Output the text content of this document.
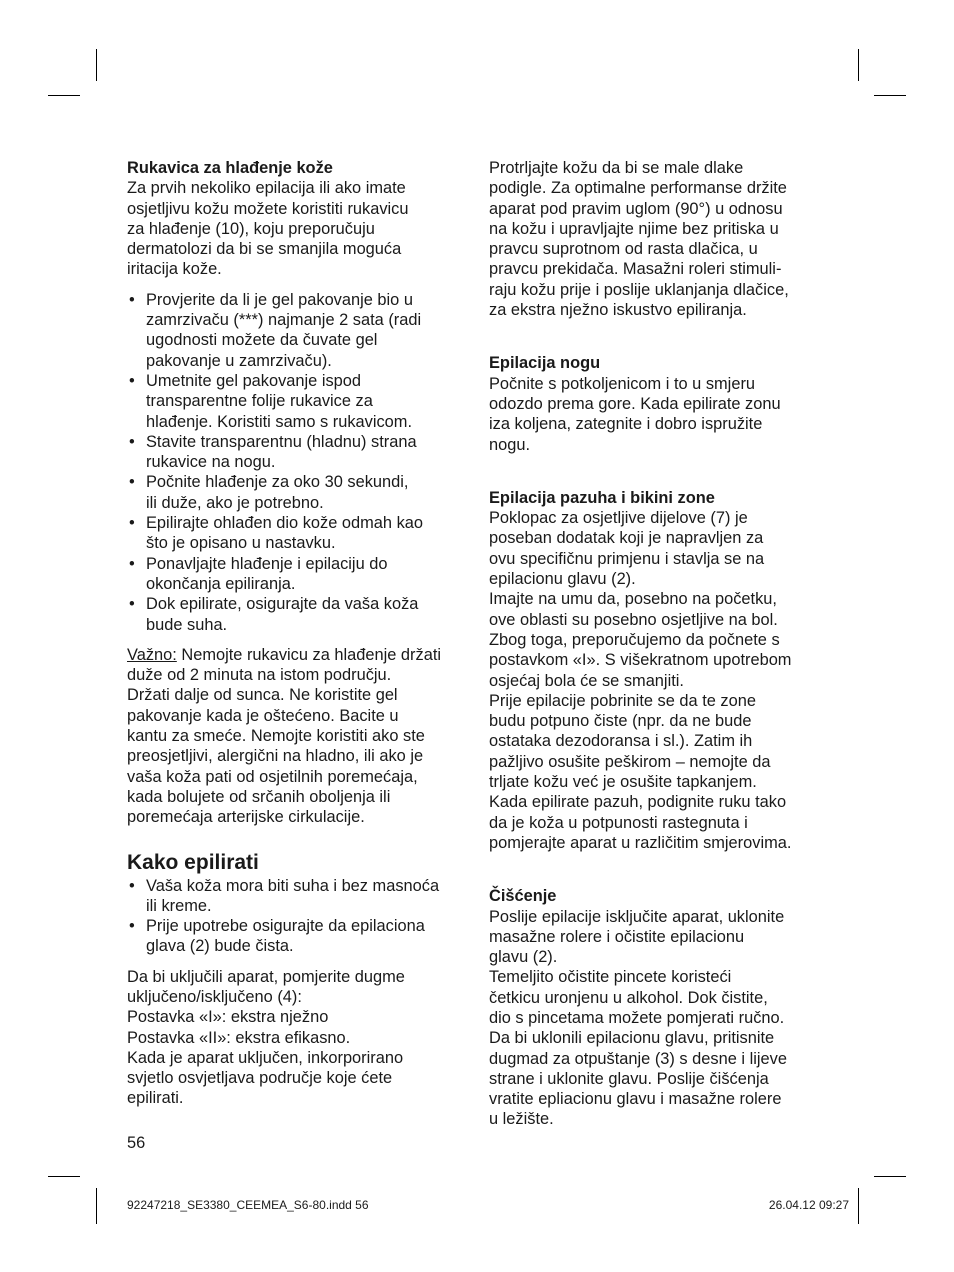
Rukavica za hlađenje kože

Za prvih nekoliko epilacija ili ako imate
osjetljivu kožu možete koristiti rukavicu
za hlađenje (10), koju preporučuju
dermatolozi da bi se smanjila moguća
iritacija kože.

• Provjerite da li je gel pakovanje bio u
zamrzivaču (***) najmanje 2 sata (radi
ugodnosti možete da čuvate gel
pakovanje u zamrzivaču).
• Umetnite gel pakovanje ispod
transparentne folije rukavice za
hlađenje. Koristiti samo s rukavicom.
• Stavite transparentnu (hladnu) strana
rukavice na nogu.
• Počnite hlađenje za oko 30 sekundi,
ili duže, ako je potrebno.
• Epilirajte ohlađen dio kože odmah kao
što je opisano u nastavku.
• Ponavljajte hlađenje i epilaciju do
okončanja epiliranja.
• Dok epilirate, osigurajte da vaša koža
bude suha.

Važno: Nemojte rukavicu za hlađenje držati
duže od 2 minuta na istom području.
Držati dalje od sunca. Ne koristite gel
pakovanje kada je oštećeno. Bacite u
kantu za smeće. Nemojte koristiti ako ste
preosjetljivi, alergični na hladno, ili ako je
vaša koža pati od osjetilnih poremećaja,
kada bolujete od srčanih oboljenja ili
poremećaja arterijske cirkulacije.

Kako epilirati

• Vaša koža mora biti suha i bez masnoća
ili kreme.
• Prije upotrebe osigurajte da epilaciona
glava (2) bude čista.

Da bi uključili aparat, pomjerite dugme
uključeno/isključeno (4):
Postavka «I»: ekstra nježno
Postavka «II»: ekstra efikasno.
Kada je aparat uključen, inkorporirano
svjetlo osvjetljava područje koje ćete
epilirati.

Protrljajte kožu da bi se male dlake
podigle. Za optimalne performanse držite
aparat pod pravim uglom (90°) u odnosu
na kožu i upravljajte njime bez pritiska u
pravcu suprotnom od rasta dlačica, u
pravcu prekidača. Masažni roleri stimuli-
raju kožu prije i poslije uklanjanja dlačice,
za ekstra nježno iskustvo epiliranja.

Epilacija nogu

Počnite s potkoljenicom i to u smjeru
odozdo prema gore. Kada epilirate zonu
iza koljena, zategnite i dobro ispružite
nogu.

Epilacija pazuha i bikini zone

Poklopac za osjetljive dijelove (7) je
poseban dodatak koji je napravljen za
ovu specifičnu primjenu i stavlja se na
epilacionu glavu (2).
Imajte na umu da, posebno na početku,
ove oblasti su posebno osjetljive na bol.
Zbog toga, preporučujemo da počnete s
postavkom «I». S višekratnom upotrebom
osjećaj bola će se smanjiti.
Prije epilacije pobrinite se da te zone
budu potpuno čiste (npr. da ne bude
ostataka dezodoransa i sl.). Zatim ih
pažljivo osušite peškirom – nemojte da
trljate kožu već je osušite tapkanjem.
Kada epilirate pazuh, podignite ruku tako
da je koža u potpunosti rastegnuta i
pomjerajte aparat u različitim smjerovima.

Čišćenje

Poslije epilacije isključite aparat, uklonite
masažne rolere i očistite epilacionu
glavu (2).
Temeljito očistite pincete koristeći
četkicu uronjenu u alkohol. Dok čistite,
dio s pincetama možete pomjerati ručno.
Da bi uklonili epilacionu glavu, pritisnite
dugmad za otpuštanje (3) s desne i lijeve
strane i uklonite glavu. Poslije čišćenja
vratite epliacionu glavu i masažne rolere
u ležište.

56
92247218_SE3380_CEEMEA_S6-80.indd 56	26.04.12 09:27
